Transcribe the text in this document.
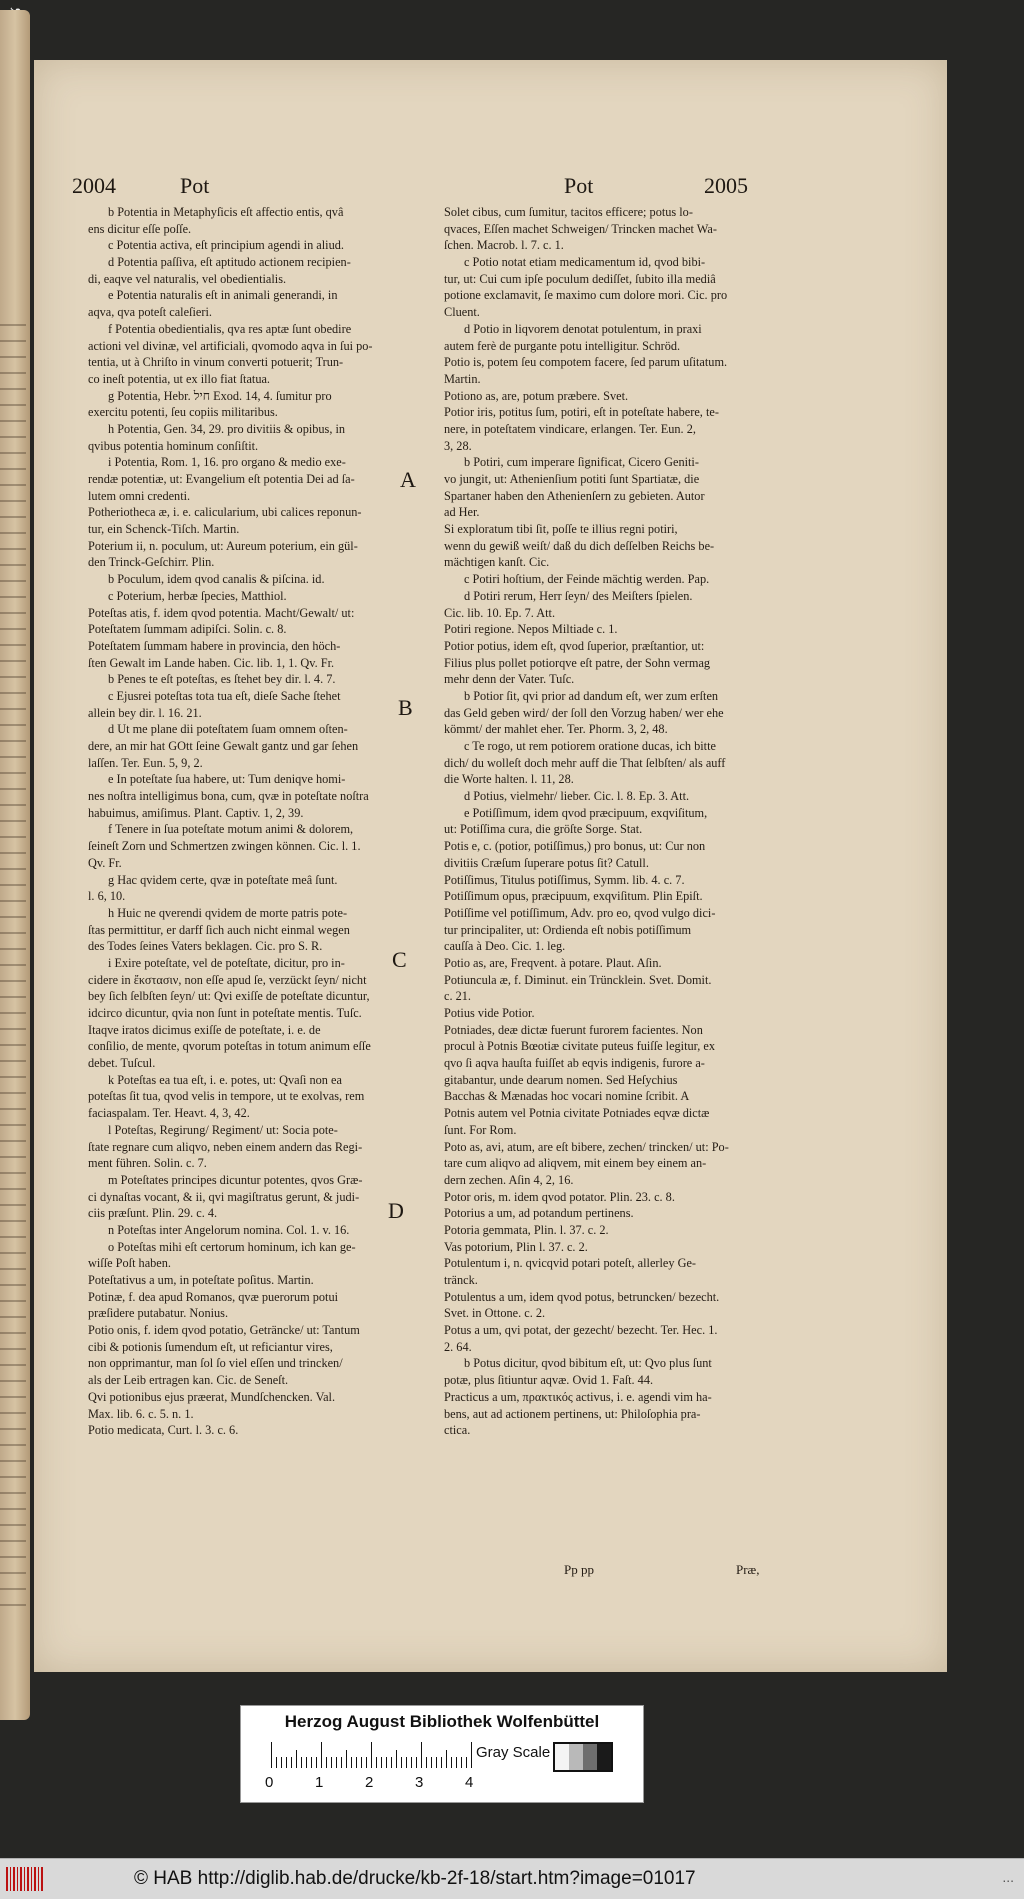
2004	Pot	Pot	2005
b Potentia in Metaphyſicis eſt affectio entis, qvâ
ens dicitur eſſe poſſe.
c Potentia activa, eſt principium agendi in aliud.
d Potentia paſſiva, eſt aptitudo actionem recipien-
di, eaqve vel naturalis, vel obedientialis.
e Potentia naturalis eſt in animali generandi, in
aqva, qva poteſt caleſieri.
f Potentia obedientialis, qva res aptæ ſunt obedire
actioni vel divinæ, vel artificiali, qvomodo aqva in ſui po-
tentia, ut à Chriſto in vinum converti potuerit; Trun-
co ineſt potentia, ut ex illo fiat ſtatua.
g Potentia, Hebr. חיל Exod. 14, 4. ſumitur pro
exercitu potenti, ſeu copiis militaribus.
h Potentia, Gen. 34, 29. pro divitiis & opibus, in
qvibus potentia hominum conſiſtit.
i Potentia, Rom. 1, 16. pro organo & medio exe-
rendæ potentiæ, ut: Evangelium eſt potentia Dei ad ſa-
lutem omni credenti.
Potheriotheca æ, i. e. calicularium, ubi calices reponun-
tur, ein Schenck-Tiſch. Martin.
Poterium ii, n. poculum, ut: Aureum poterium, ein gül-
den Trinck-Geſchirr. Plin.
b Poculum, idem qvod canalis & piſcina. id.
c Poterium, herbæ ſpecies, Matthiol.
Poteſtas atis, f. idem qvod potentia. Macht/Gewalt/ ut:
Poteſtatem ſummam adipiſci. Solin. c. 8.
Poteſtatem ſummam habere in provincia, den höch-
ſten Gewalt im Lande haben. Cic. lib. 1, 1. Qv. Fr.
b Penes te eſt poteſtas, es ſtehet bey dir. l. 4. 7.
c Ejusrei poteſtas tota tua eſt, dieſe Sache ſtehet
allein bey dir. l. 16. 21.
d Ut me plane dii poteſtatem ſuam omnem oſten-
dere, an mir hat GOtt ſeine Gewalt gantz und gar ſehen
laſſen. Ter. Eun. 5, 9, 2.
e In poteſtate ſua habere, ut: Tum deniqve homi-
nes noſtra intelligimus bona, cum, qvæ in poteſtate noſtra
habuimus, amiſimus. Plant. Captiv. 1, 2, 39.
f Tenere in ſua poteſtate motum animi & dolorem,
ſeineſt Zorn und Schmertzen zwingen können. Cic. l. 1.
Qv. Fr.
g Hac qvidem certe, qvæ in poteſtate meâ ſunt.
l. 6, 10.
h Huic ne qverendi qvidem de morte patris pote-
ſtas permittitur, er darff ſich auch nicht einmal wegen
des Todes ſeines Vaters beklagen. Cic. pro S. R.
i Exire poteſtate, vel de poteſtate, dicitur, pro in-
cidere in ἔκστασιν, non eſſe apud ſe, verzückt ſeyn/ nicht
bey ſich ſelbſten ſeyn/ ut: Qvi exiſſe de poteſtate dicuntur,
idcirco dicuntur, qvia non ſunt in poteſtate mentis. Tuſc.
Itaqve iratos dicimus exiſſe de poteſtate, i. e. de
conſilio, de mente, qvorum poteſtas in totum animum eſſe
debet. Tuſcul.
k Poteſtas ea tua eſt, i. e. potes, ut: Qvaſi non ea
poteſtas ſit tua, qvod velis in tempore, ut te exolvas, rem
faciaspalam. Ter. Heavt. 4, 3, 42.
l Poteſtas, Regirung/ Regiment/ ut: Socia pote-
ſtate regnare cum aliqvo, neben einem andern das Regi-
ment führen. Solin. c. 7.
m Poteſtates principes dicuntur potentes, qvos Græ-
ci dynaſtas vocant, & ii, qvi magiſtratus gerunt, & judi-
ciis præſunt. Plin. 29. c. 4.
n Poteſtas inter Angelorum nomina. Col. 1. v. 16.
o Poteſtas mihi eſt certorum hominum, ich kan ge-
wiſſe Poſt haben.
Poteſtativus a um, in poteſtate poſitus. Martin.
Potinæ, f. dea apud Romanos, qvæ puerorum potui
præſidere putabatur. Nonius.
Potio onis, f. idem qvod potatio, Geträncke/ ut: Tantum
cibi & potionis ſumendum eſt, ut reficiantur vires,
non opprimantur, man ſol ſo viel eſſen und trincken/
als der Leib ertragen kan. Cic. de Seneſt.
Qvi potionibus ejus præerat, Mundſchencken. Val.
Max. lib. 6. c. 5. n. 1.
Potio medicata, Curt. l. 3. c. 6.
Solet cibus, cum ſumitur, tacitos efficere; potus lo-
qvaces, Eſſen machet Schweigen/ Trincken machet Wa-
ſchen. Macrob. l. 7. c. 1.
c Potio notat etiam medicamentum id, qvod bibi-
tur, ut: Cui cum ipſe poculum dediſſet, ſubito illa mediâ
potione exclamavit, ſe maximo cum dolore mori. Cic. pro
Cluent.
d Potio in liqvorem denotat potulentum, in praxi
autem ferè de purgante potu intelligitur. Schröd.
Potio is, potem ſeu compotem facere, ſed parum uſitatum.
Martin.
Potiono as, are, potum præbere. Svet.
Potior iris, potitus ſum, potiri, eſt in poteſtate habere, te-
nere, in poteſtatem vindicare, erlangen. Ter. Eun. 2,
3, 28.
b Potiri, cum imperare ſignificat, Cicero Geniti-
vo jungit, ut: Athenienſium potiti ſunt Spartiatæ, die
Spartaner haben den Athenienſern zu gebieten. Autor
ad Her.
Si exploratum tibi ſit, poſſe te illius regni potiri,
wenn du gewiß weiſt/ daß du dich deſſelben Reichs be-
mächtigen kanſt. Cic.
c Potiri hoſtium, der Feinde mächtig werden. Pap.
d Potiri rerum, Herr ſeyn/ des Meiſters ſpielen.
Cic. lib. 10. Ep. 7. Att.
Potiri regione. Nepos Miltiade c. 1.
Potior potius, idem eſt, qvod ſuperior, præſtantior, ut:
Filius plus pollet potiorqve eſt patre, der Sohn vermag
mehr denn der Vater. Tuſc.
b Potior ſit, qvi prior ad dandum eſt, wer zum erſten
das Geld geben wird/ der ſoll den Vorzug haben/ wer ehe
kömmt/ der mahlet eher. Ter. Phorm. 3, 2, 48.
c Te rogo, ut rem potiorem oratione ducas, ich bitte
dich/ du wolleſt doch mehr auff die That ſelbſten/ als auff
die Worte halten. l. 11, 28.
d Potius, vielmehr/ lieber. Cic. l. 8. Ep. 3. Att.
e Potiſſimum, idem qvod præcipuum, exqviſitum,
ut: Potiſſima cura, die gröſte Sorge. Stat.
Potis e, c. (potior, potiſſimus,) pro bonus, ut: Cur non
divitiis Cræſum ſuperare potus ſit? Catull.
Potiſſimus, Titulus potiſſimus, Symm. lib. 4. c. 7.
Potiſſimum opus, præcipuum, exqviſitum. Plin Epiſt.
Potiſſime vel potiſſimum, Adv. pro eo, qvod vulgo dici-
tur principaliter, ut: Ordienda eſt nobis potiſſimum
cauſſa à Deo. Cic. 1. leg.
Potio as, are, Freqvent. à potare. Plaut. Aſin.
Potiuncula æ, f. Diminut. ein Trüncklein. Svet. Domit.
c. 21.
Potius vide Potior.
Potniades, deæ dictæ fuerunt furorem facientes. Non
procul à Potnis Bœotiæ civitate puteus fuiſſe legitur, ex
qvo ſi aqva hauſta fuiſſet ab eqvis indigenis, furore a-
gitabantur, unde dearum nomen. Sed Heſychius
Bacchas & Mænadas hoc vocari nomine ſcribit. A
Potnis autem vel Potnia civitate Potniades eqvæ dictæ
ſunt. For Rom.
Poto as, avi, atum, are eſt bibere, zechen/ trincken/ ut: Po-
tare cum aliqvo ad aliqvem, mit einem bey einem an-
dern zechen. Aſin 4, 2, 16.
Potor oris, m. idem qvod potator. Plin. 23. c. 8.
Potorius a um, ad potandum pertinens.
Potoria gemmata, Plin. l. 37. c. 2.
Vas potorium, Plin l. 37. c. 2.
Potulentum i, n. qvicqvid potari poteſt, allerley Ge-
tränck.
Potulentus a um, idem qvod potus, betruncken/ bezecht.
Svet. in Ottone. c. 2.
Potus a um, qvi potat, der gezecht/ bezecht. Ter. Hec. 1.
2. 64.
b Potus dicitur, qvod bibitum eſt, ut: Qvo plus ſunt
potæ, plus ſitiuntur aqvæ. Ovid 1. Faſt. 44.
Practicus a um, πρακτικός activus, i. e. agendi vim ha-
bens, aut ad actionem pertinens, ut: Philoſophia pra-
ctica.
A
B
C
D
Pp pp	Præ,
Herzog August Bibliothek Wolfenbüttel
0	1	2	3	4
Gray Scale
© HAB http://diglib.hab.de/drucke/kb-2f-18/start.htm?image=01017	...
